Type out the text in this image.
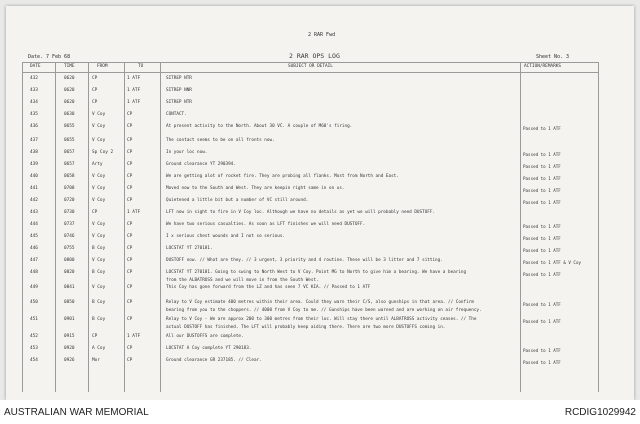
2 RAR Fwd
Date. 7 Feb 68	2 RAR OPS LOG	Sheet No. 3
DATE	TIME	FROM	TO	SUBJECT OR DETAIL	ACTION/REMARKS
432	0620	CP	1 ATF	SITREP NTR
433	0620	CP	1 ATF	SITREP NNR
434	0620	CP	1 ATF	SITREP NTR
435	0630	V Coy	CP	CONTACT.
436	0655	V Coy	CP	At present activity to the North. About 30 VC. A couple of M60's firing.	Passed to 1 ATF
437	0655	V Coy	CP	The contact seems to be on all fronts now.
438	0657	Sp Coy 2	CP	In your loc now.	Passed to 1 ATF
439	0657	Arty	CP	Ground clearance YT 290394.	Passed to 1 ATF
440	0658	V Coy	CP	We are getting alot of rocket fire. They are probing all flanks. Most from North and East.	Passed to 1 ATF
441	0708	V Coy	CP	Moved now to the South and West. They are keepin right same in on us.	Passed to 1 ATF
442	0720	V Coy	CP	Quietened a little bit but a number of VC still around.	Passed to 1 ATF
443	0730	CP	1 ATF	LFT now in sight to fire in V Coy loc. Although we have no details as yet we will probably need DUSTOFF.
444	0737	V Coy	CP	We have two serious casualties. As soon as LFT finishes we will need DUSTOFF.	Passed to 1 ATF
445	0746	V Coy	CP	I x serious chest wounds and I not so serious.	Passed to 1 ATF
446	0755	B Coy	CP	LOCSTAT YT 270181.	Passed to 1 ATF
447	0800	V Coy	CP	DUSTOFF now. // What are they. // 3 urgent, 3 priority and 4 routine. These will be 3 litter and 7 sitting.	Passed to 1 ATF & V Coy
448	0820	B Coy	CP	LOCSTAT YT 270181. Going to swing to North West to V Coy. Point MG to North to give him a bearing. We have a bearing
from the ALBATROSS and we will move in from the South West.
Passed to 1 ATF
449	0841	V Coy	CP	This Coy has gone forward from the LZ and has seen 7 VC KIA. // Passed to 1 ATF
450	0850	B Coy	CP	Relay to V Coy estimate 400 metres within their area. Could they warn their C/S, also gunships in that area. // Confirm
bearing from you to the choppers. // 4000 from V Coy to me. // Gunships have been warned and are working on air frequency.
Passed to 1 ATF
451	0901	B Coy	CP	Relay to V Coy - We are approx 200 to 300 metres from their loc. Will stay there until ALBATROSS activity ceases. // The
actual DUSTOFF has finished. The LFT will probably keep aiding there. There are two more DUSTOFFS coming in.
Passed to 1 ATF
452	0915	CP	1 ATF	All our DUSTOFFS are complete.
453	0920	A Coy	CP	LOCSTAT A Coy complete YT 290183.	Passed to 1 ATF
454	0926	Mor	CP	Ground clearance GR 237185. // Clear.	Passed to 1 ATF
AUSTRALIAN WAR MEMORIAL	RCDIG1029942
